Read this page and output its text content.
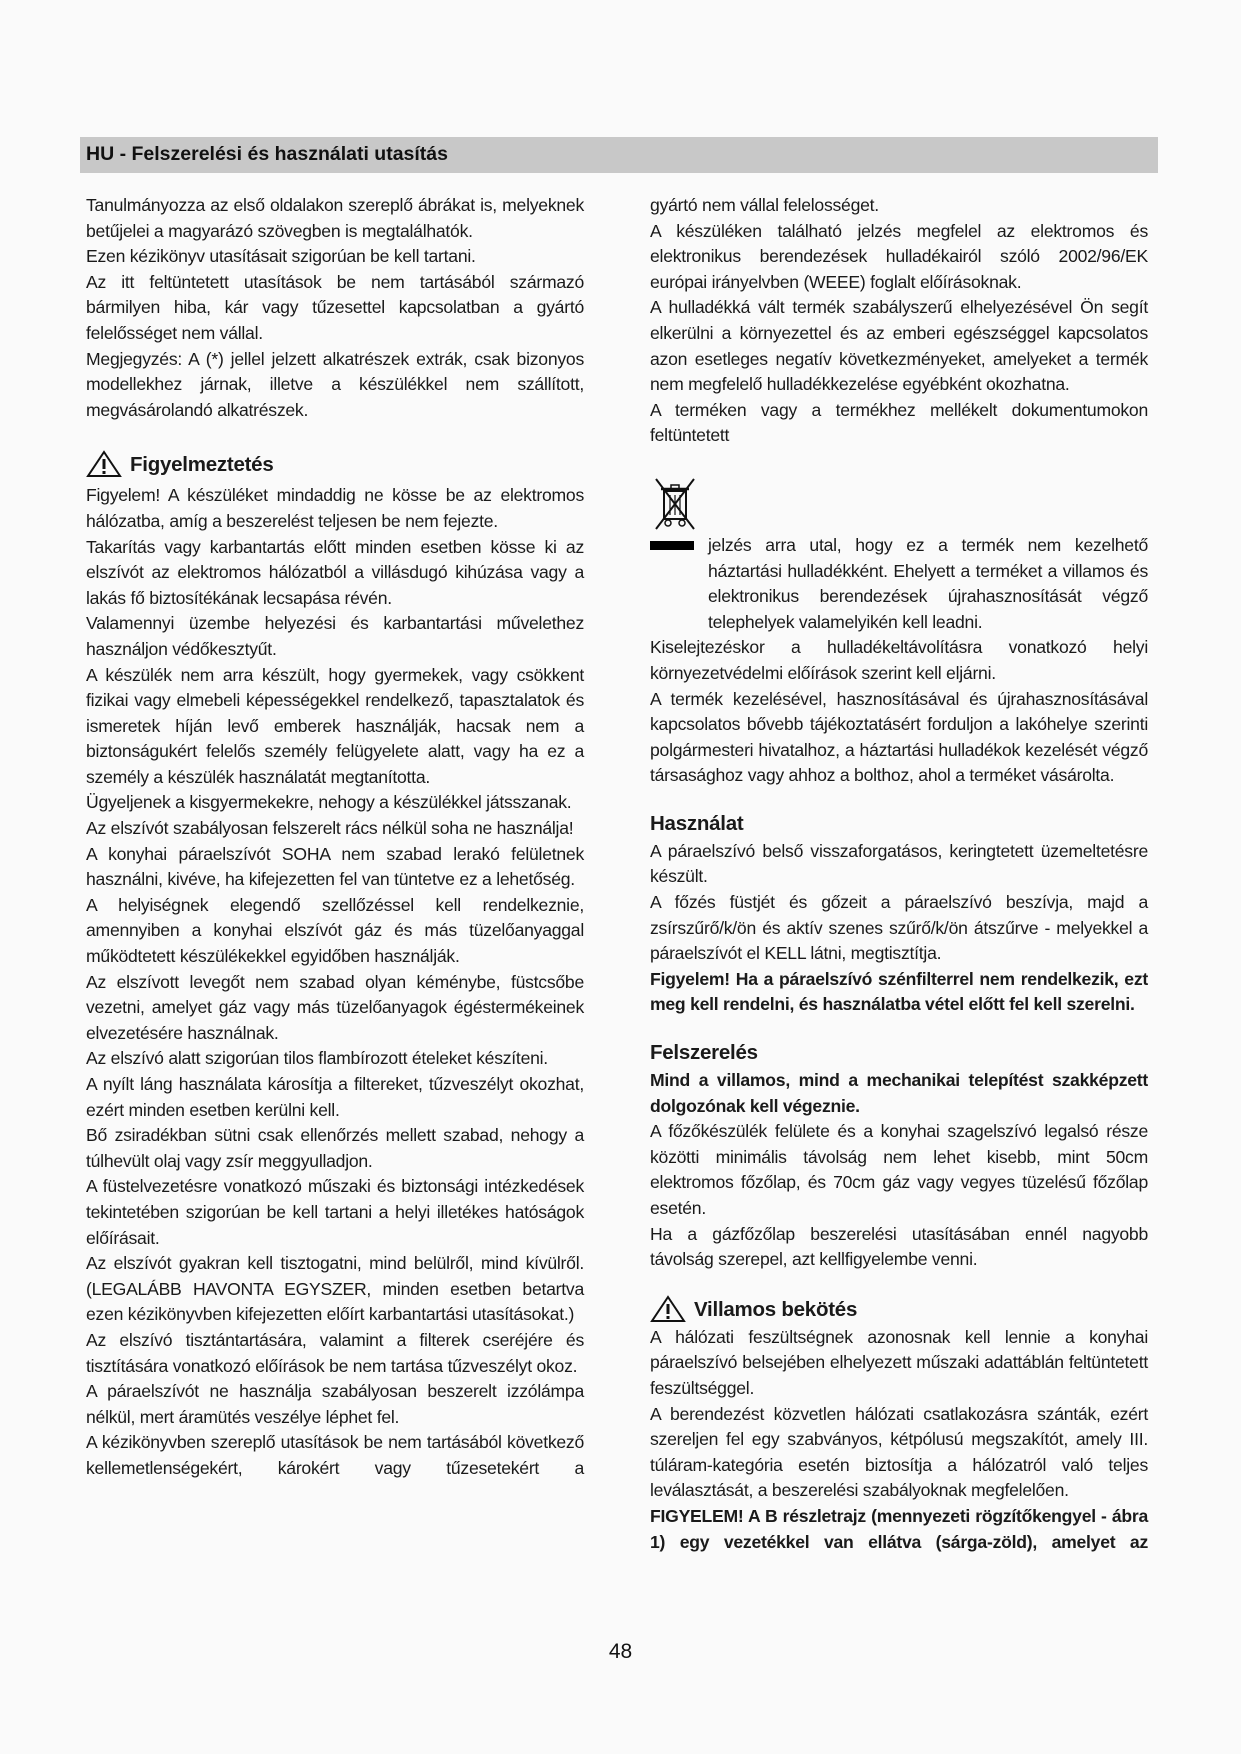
HU - Felszerelési és használati utasítás

Tanulmányozza az első oldalakon szereplő ábrákat is, melyeknek betűjelei a magyarázó szövegben is megtalálhatók.

Ezen kézikönyv utasításait szigorúan be kell tartani.

Az itt feltüntetett utasítások be nem tartásából származó bármilyen hiba, kár vagy tűzesettel kapcsolatban a gyártó felelősséget nem vállal.

Megjegyzés: A (*) jellel jelzett alkatrészek extrák, csak bizonyos modellekhez járnak, illetve a készülékkel nem szállított, megvásárolandó alkatrészek.

Figyelmeztetés

Figyelem! A készüléket mindaddig ne kösse be az elektromos hálózatba, amíg a beszerelést teljesen be nem fejezte.

Takarítás vagy karbantartás előtt minden esetben kösse ki az elszívót az elektromos hálózatból a villásdugó kihúzása vagy a lakás fő biztosítékának lecsapása révén.

Valamennyi üzembe helyezési és karbantartási művelethez használjon védőkesztyűt.

A készülék nem arra készült, hogy gyermekek, vagy csökkent fizikai vagy elmebeli képességekkel rendelkező, tapasztalatok és ismeretek híján levő emberek használják, hacsak nem a biztonságukért felelős személy felügyelete alatt, vagy ha ez a személy a készülék használatát megtanította.

Ügyeljenek a kisgyermekekre, nehogy a készülékkel játsszanak.

Az elszívót szabályosan felszerelt rács nélkül soha ne használja!

A konyhai páraelszívót SOHA nem szabad lerakó felületnek használni, kivéve, ha kifejezetten fel van tüntetve ez a lehetőség.

A helyiségnek elegendő szellőzéssel kell rendelkeznie, amennyiben a konyhai elszívót gáz és más tüzelőanyaggal működtetett készülékekkel egyidőben használják.

Az elszívott levegőt nem szabad olyan kéménybe, füstcsőbe vezetni, amelyet gáz vagy más tüzelőanyagok égéstermékeinek elvezetésére használnak.

Az elszívó alatt szigorúan tilos flambírozott ételeket készíteni.

A nyílt láng használata károsítja a filtereket, tűzveszélyt okozhat, ezért minden esetben kerülni kell.

Bő zsiradékban sütni csak ellenőrzés mellett szabad, nehogy a túlhevült olaj vagy zsír meggyulladjon.

A füstelvezetésre vonatkozó műszaki és biztonsági intézkedések tekintetében szigorúan be kell tartani a helyi illetékes hatóságok előírásait.

Az elszívót gyakran kell tisztogatni, mind belülről, mind kívülről. (LEGALÁBB HAVONTA EGYSZER, minden esetben betartva ezen kézikönyvben kifejezetten előírt karbantartási utasításokat.)

Az elszívó tisztántartására, valamint a filterek cseréjére és tisztítására vonatkozó előírások be nem tartása tűzveszélyt okoz.

A páraelszívót ne használja szabályosan beszerelt izzólámpa nélkül, mert áramütés veszélye léphet fel.

A kézikönyvben szereplő utasítások be nem tartásából következő kellemetlenségekért, károkért vagy tűzesetekért a

gyártó nem vállal felelosséget.

A készüléken található jelzés megfelel az elektromos és elektronikus berendezések hulladékairól szóló 2002/96/EK európai irányelvben (WEEE) foglalt előírásoknak.

A hulladékká vált termék szabályszerű elhelyezésével Ön segít elkerülni a környezettel és az emberi egészséggel kapcsolatos azon esetleges negatív következményeket, amelyeket a termék nem megfelelő hulladékkezelése egyébként okozhatna.

A terméken vagy a termékhez mellékelt dokumentumokon feltüntetett

jelzés arra utal, hogy ez a termék nem kezelhető háztartási hulladékként. Ehelyett a terméket a villamos és elektronikus berendezések újrahasznosítását végző telephelyek valamelyikén kell leadni.

Kiselejtezéskor a hulladékeltávolításra vonatkozó helyi környezetvédelmi előírások szerint kell eljárni.

A termék kezelésével, hasznosításával és újrahasznosításával kapcsolatos bővebb tájékoztatásért forduljon a lakóhelye szerinti polgármesteri hivatalhoz, a háztartási hulladékok kezelését végző társasághoz vagy ahhoz a bolthoz, ahol a terméket vásárolta.

Használat

A páraelszívó belső visszaforgatásos, keringtetett üzemeltetésre készült.

A főzés füstjét és gőzeit a páraelszívó beszívja, majd a zsírszűrő/k/ön és aktív szenes szűrő/k/ön átszűrve - melyekkel a páraelszívót el KELL látni, megtisztítja.

Figyelem! Ha a páraelszívó szénfilterrel nem rendelkezik, ezt meg kell rendelni, és használatba vétel előtt fel kell szerelni.

Felszerelés

Mind a villamos, mind a mechanikai telepítést szakképzett dolgozónak kell végeznie.

A főzőkészülék felülete és a konyhai szagelszívó legalsó része közötti minimális távolság nem lehet kisebb, mint 50cm elektromos főzőlap, és 70cm gáz vagy vegyes tüzelésű főzőlap esetén.

Ha a gázfőzőlap beszerelési utasításában ennél nagyobb távolság szerepel, azt kellfigyelembe venni.

Villamos bekötés

A hálózati feszültségnek azonosnak kell lennie a konyhai páraelszívó belsejében elhelyezett műszaki adattáblán feltüntetett feszültséggel.

A berendezést közvetlen hálózati csatlakozásra szánták, ezért szereljen fel egy szabványos, kétpólusú megszakítót, amely III. túláram-kategória esetén biztosítja a hálózatról való teljes leválasztását, a beszerelési szabályoknak megfelelően.

FIGYELEM! A B részletrajz (mennyezeti rögzítőkengyel - ábra 1) egy vezetékkel van ellátva (sárga-zöld), amelyet az

48
